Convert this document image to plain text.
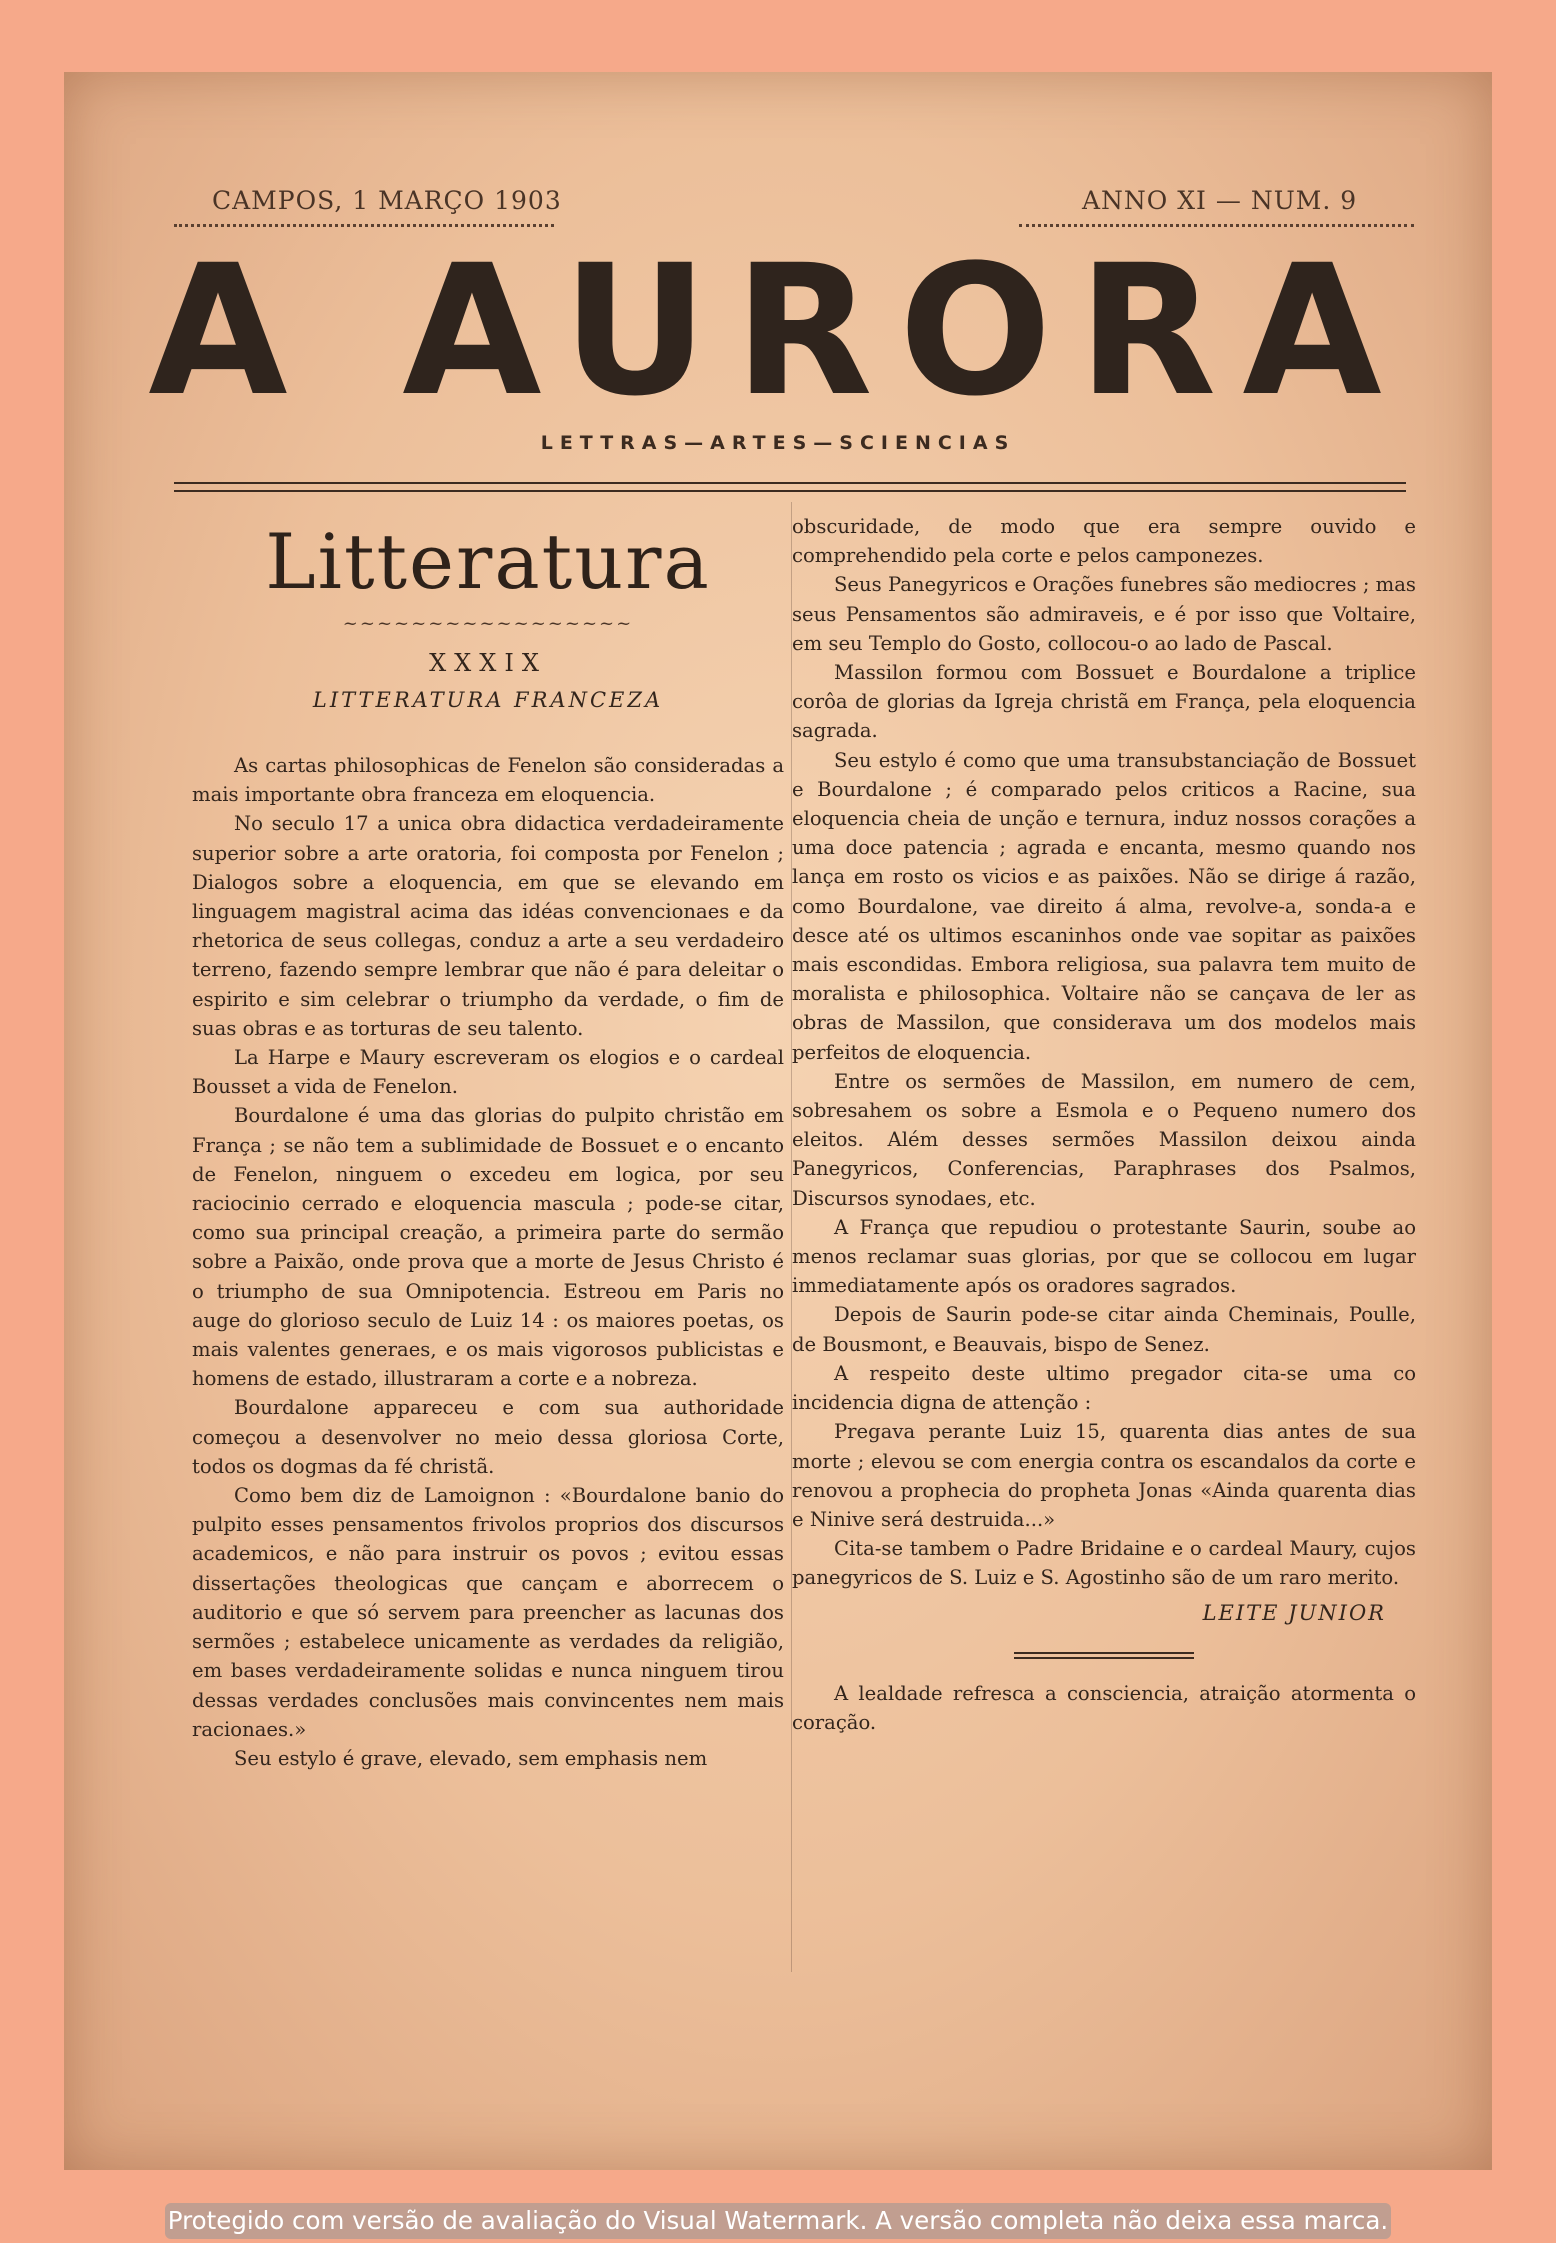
CAMPOS, 1 MARÇO 1903	ANNO XI — NUM. 9
A AURORA
LETTRAS—ARTES—SCIENCIAS
Litteratura
~~~~~~~~~~~~~~~~~
XXXIX
LITTERATURA FRANCEZA

As cartas philosophicas de Fenelon são consideradas a mais importante obra franceza em eloquencia.

No seculo 17 a unica obra didactica verdadeiramente superior sobre a arte oratoria, foi composta por Fenelon ; Dialogos sobre a eloquencia, em que se elevando em linguagem magistral acima das idéas convencionaes e da rhetorica de seus collegas, conduz a arte a seu verdadeiro terreno, fazendo sempre lembrar que não é para deleitar o espirito e sim celebrar o triumpho da verdade, o fim de suas obras e as torturas de seu talento.

La Harpe e Maury escreveram os elogios e o cardeal Bousset a vida de Fenelon.

Bourdalone é uma das glorias do pulpito christão em França ; se não tem a sublimidade de Bossuet e o encanto de Fenelon, ninguem o excedeu em logica, por seu raciocinio cerrado e eloquencia mascula ; pode-se citar, como sua principal creação, a primeira parte do sermão sobre a Paixão, onde prova que a morte de Jesus Christo é o triumpho de sua Omnipotencia. Estreou em Paris no auge do glorioso seculo de Luiz 14 : os maiores poetas, os mais valentes generaes, e os mais vigorosos publicistas e homens de estado, illustraram a corte e a nobreza.

Bourdalone appareceu e com sua authoridade começou a desenvolver no meio dessa gloriosa Corte, todos os dogmas da fé christã.

Como bem diz de Lamoignon : «Bourdalone banio do pulpito esses pensamentos frivolos proprios dos discursos academicos, e não para instruir os povos ; evitou essas dissertações theologicas que cançam e aborrecem o auditorio e que só servem para preencher as lacunas dos sermões ; estabelece unicamente as verdades da religião, em bases verdadeiramente solidas e nunca ninguem tirou dessas verdades conclusões mais convincentes nem mais racionaes.»

Seu estylo é grave, elevado, sem emphasis nem

obscuridade, de modo que era sempre ouvido e comprehendido pela corte e pelos camponezes.

Seus Panegyricos e Orações funebres são mediocres ; mas seus Pensamentos são admiraveis, e é por isso que Voltaire, em seu Templo do Gosto, collocou-o ao lado de Pascal.

Massilon formou com Bossuet e Bourdalone a triplice corôa de glorias da Igreja christã em França, pela eloquencia sagrada.

Seu estylo é como que uma transubstanciação de Bossuet e Bourdalone ; é comparado pelos criticos a Racine, sua eloquencia cheia de unção e ternura, induz nossos corações a uma doce patencia ; agrada e encanta, mesmo quando nos lança em rosto os vicios e as paixões. Não se dirige á razão, como Bourdalone, vae direito á alma, revolve-a, sonda-a e desce até os ultimos escaninhos onde vae sopitar as paixões mais escondidas. Embora religiosa, sua palavra tem muito de moralista e philosophica. Voltaire não se cançava de ler as obras de Massilon, que considerava um dos modelos mais perfeitos de eloquencia.

Entre os sermões de Massilon, em numero de cem, sobresahem os sobre a Esmola e o Pequeno numero dos eleitos. Além desses sermões Massilon deixou ainda Panegyricos, Conferencias, Paraphrases dos Psalmos, Discursos synodaes, etc.

A França que repudiou o protestante Saurin, soube ao menos reclamar suas glorias, por que se collocou em lugar immediatamente após os oradores sagrados.

Depois de Saurin pode-se citar ainda Cheminais, Poulle, de Bousmont, e Beauvais, bispo de Senez.

A respeito deste ultimo pregador cita-se uma co incidencia digna de attenção :

Pregava perante Luiz 15, quarenta dias antes de sua morte ; elevou se com energia contra os escandalos da corte e renovou a prophecia do propheta Jonas «Ainda quarenta dias e Ninive será destruida...»

Cita-se tambem o Padre Bridaine e o cardeal Maury, cujos panegyricos de S. Luiz e S. Agostinho são de um raro merito.

LEITE JUNIOR

A lealdade refresca a consciencia, atraição atormenta o coração.

Protegido com versão de avaliação do Visual Watermark. A versão completa não deixa essa marca.
